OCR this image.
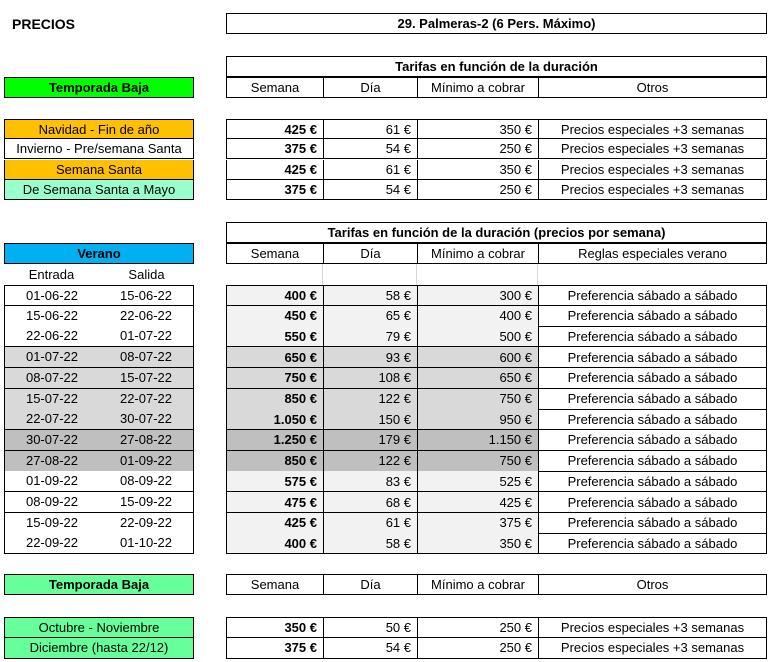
PRECIOS	29. Palmeras-2 (6 Pers. Máximo)
Tarifas en función de la duración
Temporada Baja	Semana	Día	Mínimo a cobrar	Otros
Navidad - Fin de año	425 €	61 €	350 €	Precios especiales +3 semanas
Invierno - Pre/semana Santa	375 €	54 €	250 €	Precios especiales +3 semanas
Semana Santa	425 €	61 €	350 €	Precios especiales +3 semanas
De Semana Santa a Mayo	375 €	54 €	250 €	Precios especiales +3 semanas
Tarifas en función de la duración (precios por semana)
Verano	Semana	Día	Mínimo a cobrar	Reglas especiales verano
Entrada	Salida
01-06-22	15-06-22	400 €	58 €	300 €	Preferencia sábado a sábado
15-06-22	22-06-22	450 €	65 €	400 €	Preferencia sábado a sábado
22-06-22	01-07-22	550 €	79 €	500 €	Preferencia sábado a sábado
01-07-22	08-07-22	650 €	93 €	600 €	Preferencia sábado a sábado
08-07-22	15-07-22	750 €	108 €	650 €	Preferencia sábado a sábado
15-07-22	22-07-22	850 €	122 €	750 €	Preferencia sábado a sábado
22-07-22	30-07-22	1.050 €	150 €	950 €	Preferencia sábado a sábado
30-07-22	27-08-22	1.250 €	179 €	1.150 €	Preferencia sábado a sábado
27-08-22	01-09-22	850 €	122 €	750 €	Preferencia sábado a sábado
01-09-22	08-09-22	575 €	83 €	525 €	Preferencia sábado a sábado
08-09-22	15-09-22	475 €	68 €	425 €	Preferencia sábado a sábado
15-09-22	22-09-22	425 €	61 €	375 €	Preferencia sábado a sábado
22-09-22	01-10-22	400 €	58 €	350 €	Preferencia sábado a sábado
Temporada Baja	Semana	Día	Mínimo a cobrar	Otros
Octubre - Noviembre	350 €	50 €	250 €	Precios especiales +3 semanas
Diciembre (hasta 22/12)	375 €	54 €	250 €	Precios especiales +3 semanas
